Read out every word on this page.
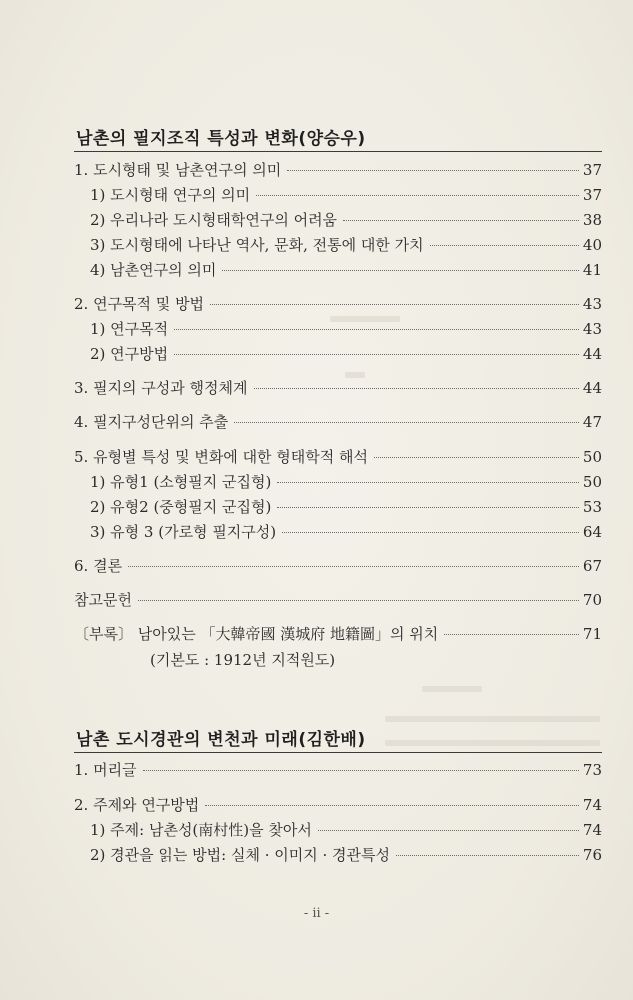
남촌의 필지조직 특성과 변화(양승우)
1. 도시형태 및 남촌연구의 의미	37
1) 도시형태 연구의 의미	37
2) 우리나라 도시형태학연구의 어려움	38
3) 도시형태에 나타난 역사, 문화, 전통에 대한 가치	40
4) 남촌연구의 의미	41
2. 연구목적 및 방법	43
1) 연구목적	43
2) 연구방법	44
3. 필지의 구성과 행정체계	44
4. 필지구성단위의 추출	47
5. 유형별 특성 및 변화에 대한 형태학적 해석	50
1) 유형1 (소형필지 군집형)	50
2) 유형2 (중형필지 군집형)	53
3) 유형 3 (가로형 필지구성)	64
6. 결론	67
참고문헌	70
〔부록〕 남아있는 「大韓帝國 漢城府 地籍圖」의 위치	71
(기본도 : 1912년 지적원도)
남촌 도시경관의 변천과 미래(김한배)
1. 머리글	73
2. 주제와 연구방법	74
1) 주제: 남촌성(南村性)을 찾아서	74
2) 경관을 읽는 방법: 실체 · 이미지 · 경관특성	76
- ii -
